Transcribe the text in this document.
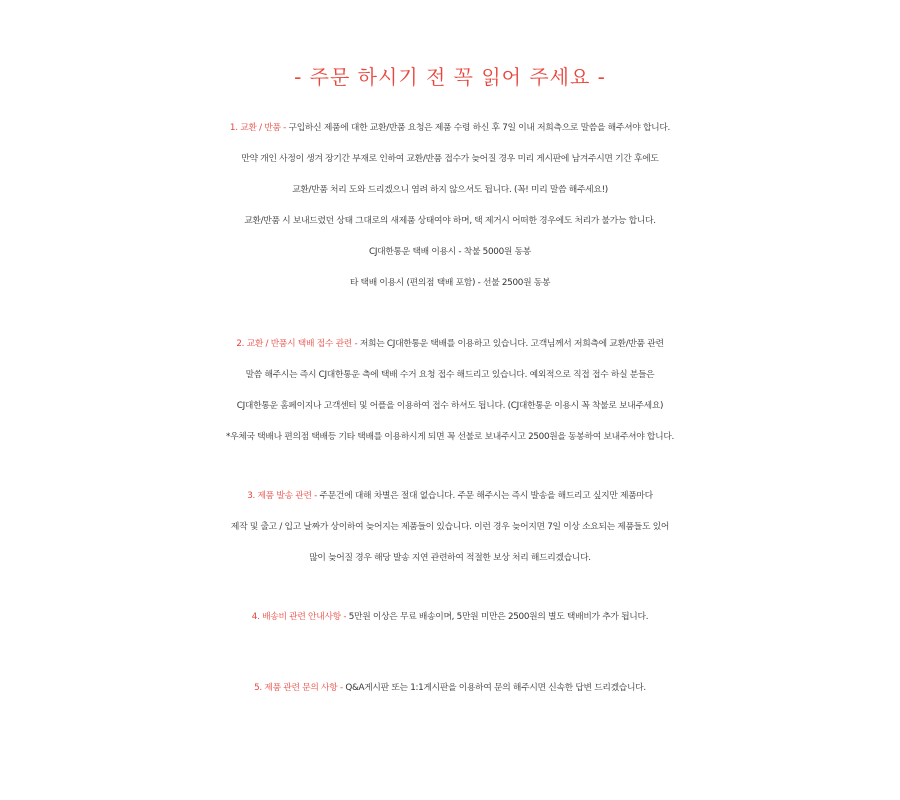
- 주문 하시기 전 꼭 읽어 주세요 -
1. 교환 / 반품 - 구입하신 제품에 대한 교환/반품 요청은 제품 수령 하신 후 7일 이내 저희측으로 말씀을 해주셔야 합니다.
만약 개인 사정이 생겨 장기간 부재로 인하여 교환/반품 접수가 늦어질 경우 미리 게시판에 남겨주시면 기간 후에도
교환/반품 처리 도와 드리겠으니 염려 하지 않으셔도 됩니다. (꼭! 미리 말씀 해주세요!)
교환/반품 시 보내드렸던 상태 그대로의 새제품 상태여야 하며, 택 제거시 어떠한 경우에도 처리가 불가능 합니다.
CJ대한통운 택배 이용시 - 착불 5000원 동봉
타 택배 이용시 (편의점 택배 포함) - 선불 2500원 동봉
2. 교환 / 반품시 택배 접수 관련 - 저희는 CJ대한통운 택배를 이용하고 있습니다. 고객님께서 저희측에 교환/반품 관련
말씀 해주시는 즉시 CJ대한통운 측에 택배 수거 요청 접수 해드리고 있습니다. 예외적으로 직접 접수 하실 분들은
CJ대한통운 홈페이지나 고객센터 및 어플을 이용하여 접수 하셔도 됩니다. (CJ대한통운 이용시 꼭 착불로 보내주세요)
*우체국 택배나 편의점 택배등 기타 택배를 이용하시게 되면 꼭 선불로 보내주시고 2500원을 동봉하여 보내주셔야 합니다.
3. 제품 발송 관련 - 주문건에 대해 차별은 절대 없습니다. 주문 해주시는 즉시 발송을 해드리고 싶지만 제품마다
제작 및 출고 / 입고 날짜가 상이하여 늦어지는 제품들이 있습니다. 이런 경우 늦어지면 7일 이상 소요되는 제품들도 있어
많이 늦어질 경우 해당 발송 지연 관련하여 적절한 보상 처리 해드리겠습니다.
4. 배송비 관련 안내사항 - 5만원 이상은 무료 배송이며, 5만원 미만은 2500원의 별도 택배비가 추가 됩니다.
5. 제품 관련 문의 사항 - Q&A게시판 또는 1:1게시판을 이용하여 문의 해주시면 신속한 답변 드리겠습니다.
